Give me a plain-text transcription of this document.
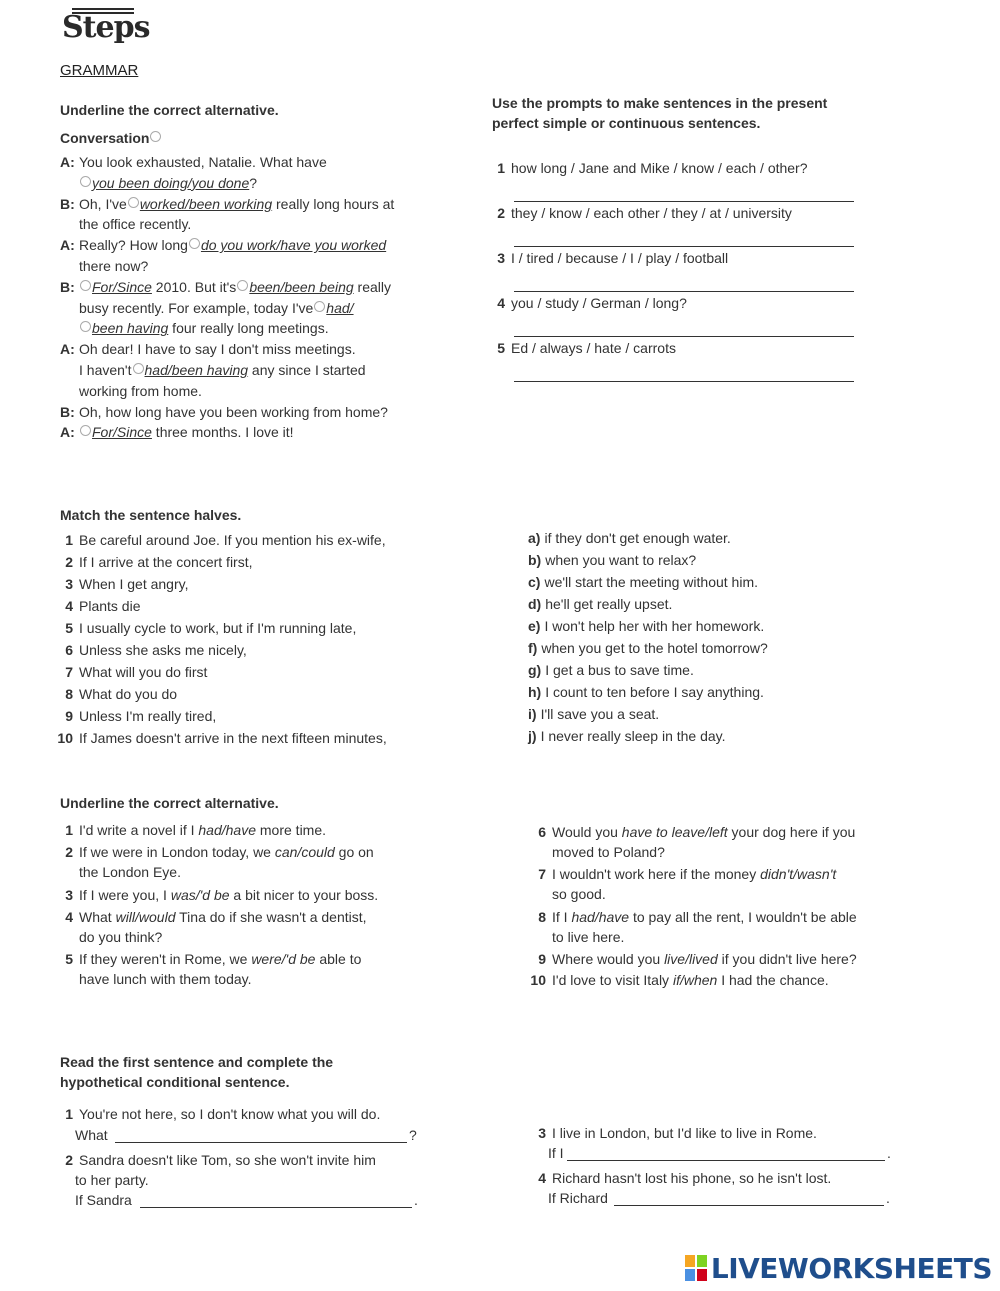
Steps
GRAMMAR
Underline the correct alternative.
Conversation
A: You look exhausted, Natalie. What have
you been doing/you done?
B: Oh, I've worked/been working really long hours at
the office recently.
A: Really? How long do you work/have you worked
there now?
B: For/Since 2010. But it's been/been being really
busy recently. For example, today I've had/
been having four really long meetings.
A: Oh dear! I have to say I don't miss meetings.
I haven't had/been having any since I started
working from home.
B: Oh, how long have you been working from home?
A: For/Since three months. I love it!
Use the prompts to make sentences in the present
perfect simple or continuous sentences.
1 how long / Jane and Mike / know / each / other?
2 they / know / each other / they / at / university
3 I / tired / because / I / play / football
4 you / study / German / long?
5 Ed / always / hate / carrots
Match the sentence halves.
1 Be careful around Joe. If you mention his ex-wife,
2 If I arrive at the concert first,
3 When I get angry,
4 Plants die
5 I usually cycle to work, but if I'm running late,
6 Unless she asks me nicely,
7 What will you do first
8 What do you do
9 Unless I'm really tired,
10 If James doesn't arrive in the next fifteen minutes,
a) if they don't get enough water.
b) when you want to relax?
c) we'll start the meeting without him.
d) he'll get really upset.
e) I won't help her with her homework.
f) when you get to the hotel tomorrow?
g) I get a bus to save time.
h) I count to ten before I say anything.
i) I'll save you a seat.
j) I never really sleep in the day.
Underline the correct alternative.
1 I'd write a novel if I had/have more time.
2 If we were in London today, we can/could go on
the London Eye.
3 If I were you, I was/'d be a bit nicer to your boss.
4 What will/would Tina do if she wasn't a dentist,
do you think?
5 If they weren't in Rome, we were/'d be able to
have lunch with them today.
6 Would you have to leave/left your dog here if you
moved to Poland?
7 I wouldn't work here if the money didn't/wasn't
so good.
8 If I had/have to pay all the rent, I wouldn't be able
to live here.
9 Where would you live/lived if you didn't live here?
10 I'd love to visit Italy if/when I had the chance.
Read the first sentence and complete the
hypothetical conditional sentence.
1 You're not here, so I don't know what you will do.
What	?
2 Sandra doesn't like Tom, so she won't invite him
to her party.
If Sandra	.
3 I live in London, but I'd like to live in Rome.
If I	.
4 Richard hasn't lost his phone, so he isn't lost.
If Richard	.
LIVEWORKSHEETS
